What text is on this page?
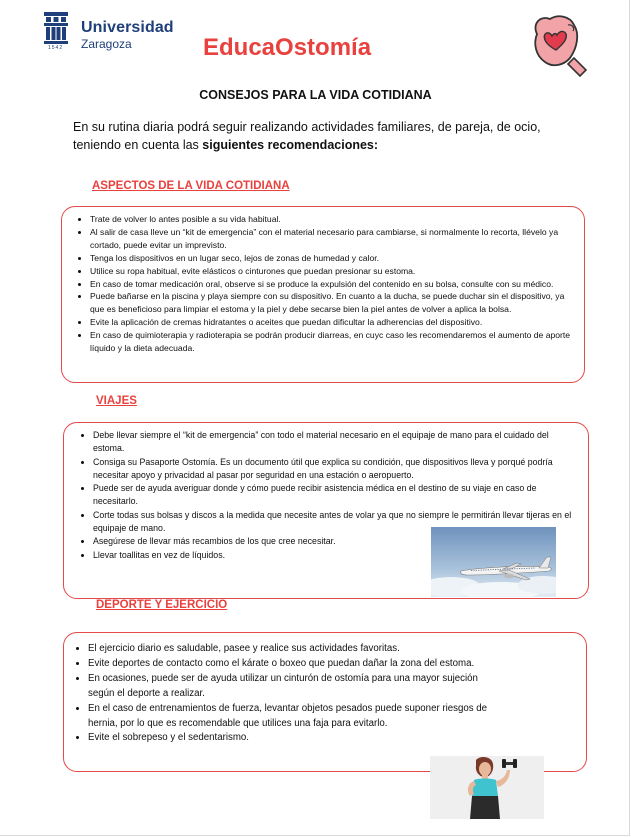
Universidad
Zaragoza
1542	EducaOstomía
CONSEJOS PARA LA VIDA COTIDIANA
En su rutina diaria podrá seguir realizando actividades familiares, de pareja, de ocio, teniendo en cuenta las siguientes recomendaciones:
ASPECTOS DE LA VIDA COTIDIANA
• Trate de volver lo antes posible a su vida habitual.
• Al salir de casa lleve un “kit de emergencia” con el material necesario para cambiarse, si normalmente lo recorta, llévelo ya cortado, puede evitar un imprevisto.
• Tenga los dispositivos en un lugar seco, lejos de zonas de humedad y calor.
• Utilice su ropa habitual, evite elásticos o cinturones que puedan presionar su estoma.
• En caso de tomar medicación oral, observe si se produce la expulsión del contenido en su bolsa, consulte con su médico.
• Puede bañarse en la piscina y playa siempre con su dispositivo. En cuanto a la ducha, se puede duchar sin el dispositivo, ya que es beneficioso para limpiar el estoma y la piel y debe secarse bien la piel antes de volver a aplica la bolsa.
• Evite la aplicación de cremas hidratantes o aceites que puedan dificultar la adherencias del dispositivo.
• En caso de quimioterapia y radioterapia se podrán producir diarreas, en cuyc caso les recomendaremos el aumento de aporte líquido y la dieta adecuada.
VIAJES
• Debe llevar siempre el “kit de emergencia” con todo el material necesario en el equipaje de mano para el cuidado del estoma.
• Consiga su Pasaporte Ostomía. Es un documento útil que explica su condición, que dispositivos lleva y porqué podría necesitar apoyo y privacidad al pasar por seguridad en una estación o aeropuerto.
• Puede ser de ayuda averiguar donde y cómo puede recibir asistencia médica en el destino de su viaje en caso de necesitarlo.
• Corte todas sus bolsas y discos a la medida que necesite antes de volar ya que no siempre le permitirán llevar tijeras en el equipaje de mano.
• Asegúrese de llevar más recambios de los que cree necesitar.
• Llevar toallitas en vez de líquidos.
DEPORTE Y EJERCICIO
• El ejercicio diario es saludable, pasee y realice sus actividades favoritas.
• Evite deportes de contacto como el kárate o boxeo que puedan dañar la zona del estoma.
• En ocasiones, puede ser de ayuda utilizar un cinturón de ostomía para una mayor sujeción según el deporte a realizar.
• En el caso de entrenamientos de fuerza, levantar objetos pesados puede suponer riesgos de hernia, por lo que es recomendable que utilices una faja para evitarlo.
• Evite el sobrepeso y el sedentarismo.
